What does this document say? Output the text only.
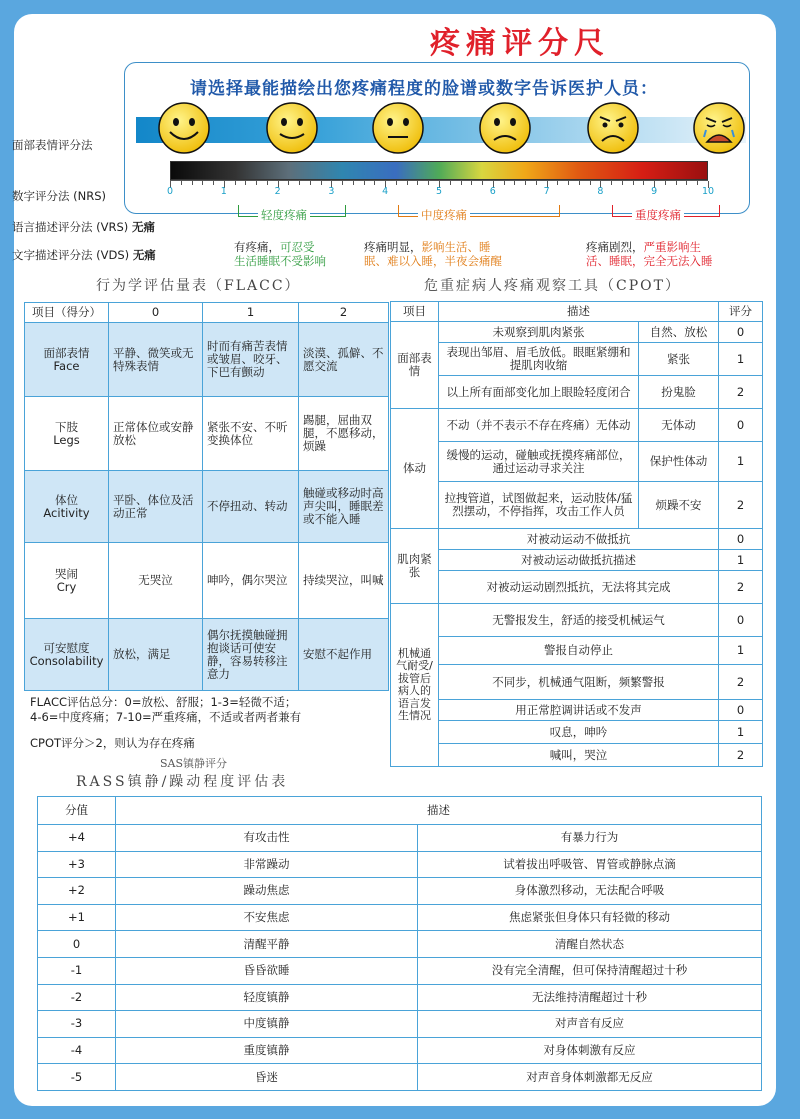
疼痛评分尺
请选择最能描绘出您疼痛程度的脸谱或数字告诉医护人员：
面部表情评分法
数字评分法 (NRS)
语言描述评分法 (VRS) 无痛
文字描述评分法 (VDS) 无痛
0	1	2	3	4	5	6	7	8	9	10
轻度疼痛	中度疼痛	重度疼痛
有疼痛，可忍受
生活睡眠不受影响
疼痛明显，影响生活、睡
眠、难以入睡，半夜会痛醒
疼痛剧烈，严重影响生
活、睡眠，完全无法入睡
行为学评估量表（FLACC）	危重症病人疼痛观察工具（CPOT）
项目（得分）	0	1	2
面部表情
Face	平静、微笑或无特殊表情	时而有痛苦表情或皱眉、咬牙、下巴有颤动	淡漠、孤僻、不愿交流
下肢
Legs	正常体位或安静放松	紧张不安、不听变换体位	踢腿，屈曲双腿，不愿移动，烦躁
体位
Acitivity	平卧、体位及活动正常	不停扭动、转动	触碰或移动时高声尖叫，睡眠差或不能入睡
哭闹
Cry	无哭泣	呻吟，偶尔哭泣	持续哭泣，叫喊
可安慰度
Consolability	放松，满足	偶尔抚摸触碰拥抱谈话可使安静，容易转移注意力	安慰不起作用
FLACC评估总分：0=放松、舒服；1-3=轻微不适；
4-6=中度疼痛；7-10=严重疼痛，不适或者两者兼有
CPOT评分＞2，则认为存在疼痛
项目	描述		评分
面部表情	未观察到肌肉紧张	自然、放松	0
	表现出邹眉、眉毛放低。眼眶紧绷和提肌肉收缩	紧张	1
	以上所有面部变化加上眼睑轻度闭合	扮鬼脸	2
体动	不动（并不表示不存在疼痛）无体动	无体动	0
	缓慢的运动，碰触或抚摸疼痛部位，通过运动寻求关注	保护性体动	1
	拉拽管道，试图做起来，运动肢体/猛烈摆动，不停指挥，攻击工作人员	烦躁不安	2
肌肉紧张	对被动运动不做抵抗		0
	对被动运动做抵抗描述		1
	对被动运动剧烈抵抗，无法将其完成		2
机械通气耐受/拔管后病人的语言发生情况	无警报发生，舒适的接受机械运气		0
	警报自动停止		1
	不同步，机械通气阻断，频繁警报		2
	用正常腔调讲话或不发声		0
	叹息，呻吟		1
	喊叫，哭泣		2
SAS镇静评分
RASS镇静/躁动程度评估表
分值	描述	
+4	有攻击性	有暴力行为
+3	非常躁动	试着拔出呼吸管、胃管或静脉点滴
+2	躁动焦虑	身体激烈移动，无法配合呼吸
+1	不安焦虑	焦虑紧张但身体只有轻微的移动
0	清醒平静	清醒自然状态
-1	昏昏欲睡	没有完全清醒，但可保持清醒超过十秒
-2	轻度镇静	无法维持清醒超过十秒
-3	中度镇静	对声音有反应
-4	重度镇静	对身体刺激有反应
-5	昏迷	对声音身体刺激都无反应
